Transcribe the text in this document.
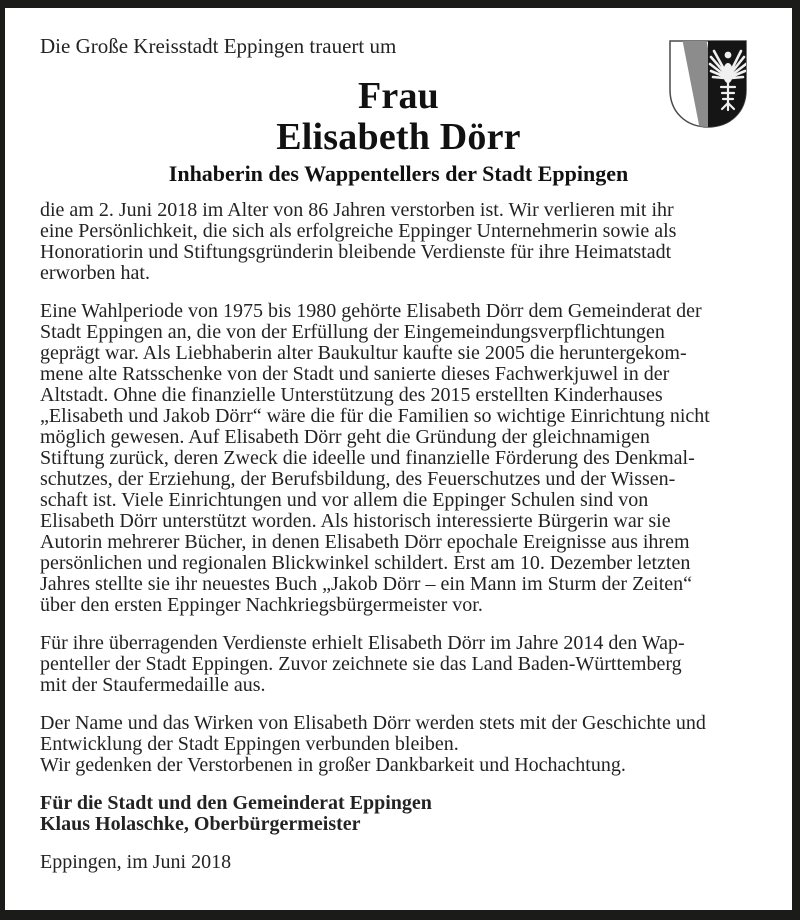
Die Große Kreisstadt Eppingen trauert um
Frau
Elisabeth Dörr
Inhaberin des Wappentellers der Stadt Eppingen
die am 2. Juni 2018 im Alter von 86 Jahren verstorben ist. Wir verlieren mit ihr
eine Persönlichkeit, die sich als erfolgreiche Eppinger Unternehmerin sowie als
Honoratiorin und Stiftungsgründerin bleibende Verdienste für ihre Heimatstadt
erworben hat.
Eine Wahlperiode von 1975 bis 1980 gehörte Elisabeth Dörr dem Gemeinderat der
Stadt Eppingen an, die von der Erfüllung der Eingemeindungsverpflichtungen
geprägt war. Als Liebhaberin alter Baukultur kaufte sie 2005 die heruntergekom-
mene alte Ratsschenke von der Stadt und sanierte dieses Fachwerkjuwel in der
Altstadt. Ohne die finanzielle Unterstützung des 2015 erstellten Kinderhauses
„Elisabeth und Jakob Dörr“ wäre die für die Familien so wichtige Einrichtung nicht
möglich gewesen. Auf Elisabeth Dörr geht die Gründung der gleichnamigen
Stiftung zurück, deren Zweck die ideelle und finanzielle Förderung des Denkmal-
schutzes, der Erziehung, der Berufsbildung, des Feuerschutzes und der Wissen-
schaft ist. Viele Einrichtungen und vor allem die Eppinger Schulen sind von
Elisabeth Dörr unterstützt worden. Als historisch interessierte Bürgerin war sie
Autorin mehrerer Bücher, in denen Elisabeth Dörr epochale Ereignisse aus ihrem
persönlichen und regionalen Blickwinkel schildert. Erst am 10. Dezember letzten
Jahres stellte sie ihr neuestes Buch „Jakob Dörr – ein Mann im Sturm der Zeiten“
über den ersten Eppinger Nachkriegsbürgermeister vor.
Für ihre überragenden Verdienste erhielt Elisabeth Dörr im Jahre 2014 den Wap-
penteller der Stadt Eppingen. Zuvor zeichnete sie das Land Baden-Württemberg
mit der Staufermedaille aus.
Der Name und das Wirken von Elisabeth Dörr werden stets mit der Geschichte und
Entwicklung der Stadt Eppingen verbunden bleiben.
Wir gedenken der Verstorbenen in großer Dankbarkeit und Hochachtung.
Für die Stadt und den Gemeinderat Eppingen
Klaus Holaschke, Oberbürgermeister
Eppingen, im Juni 2018
